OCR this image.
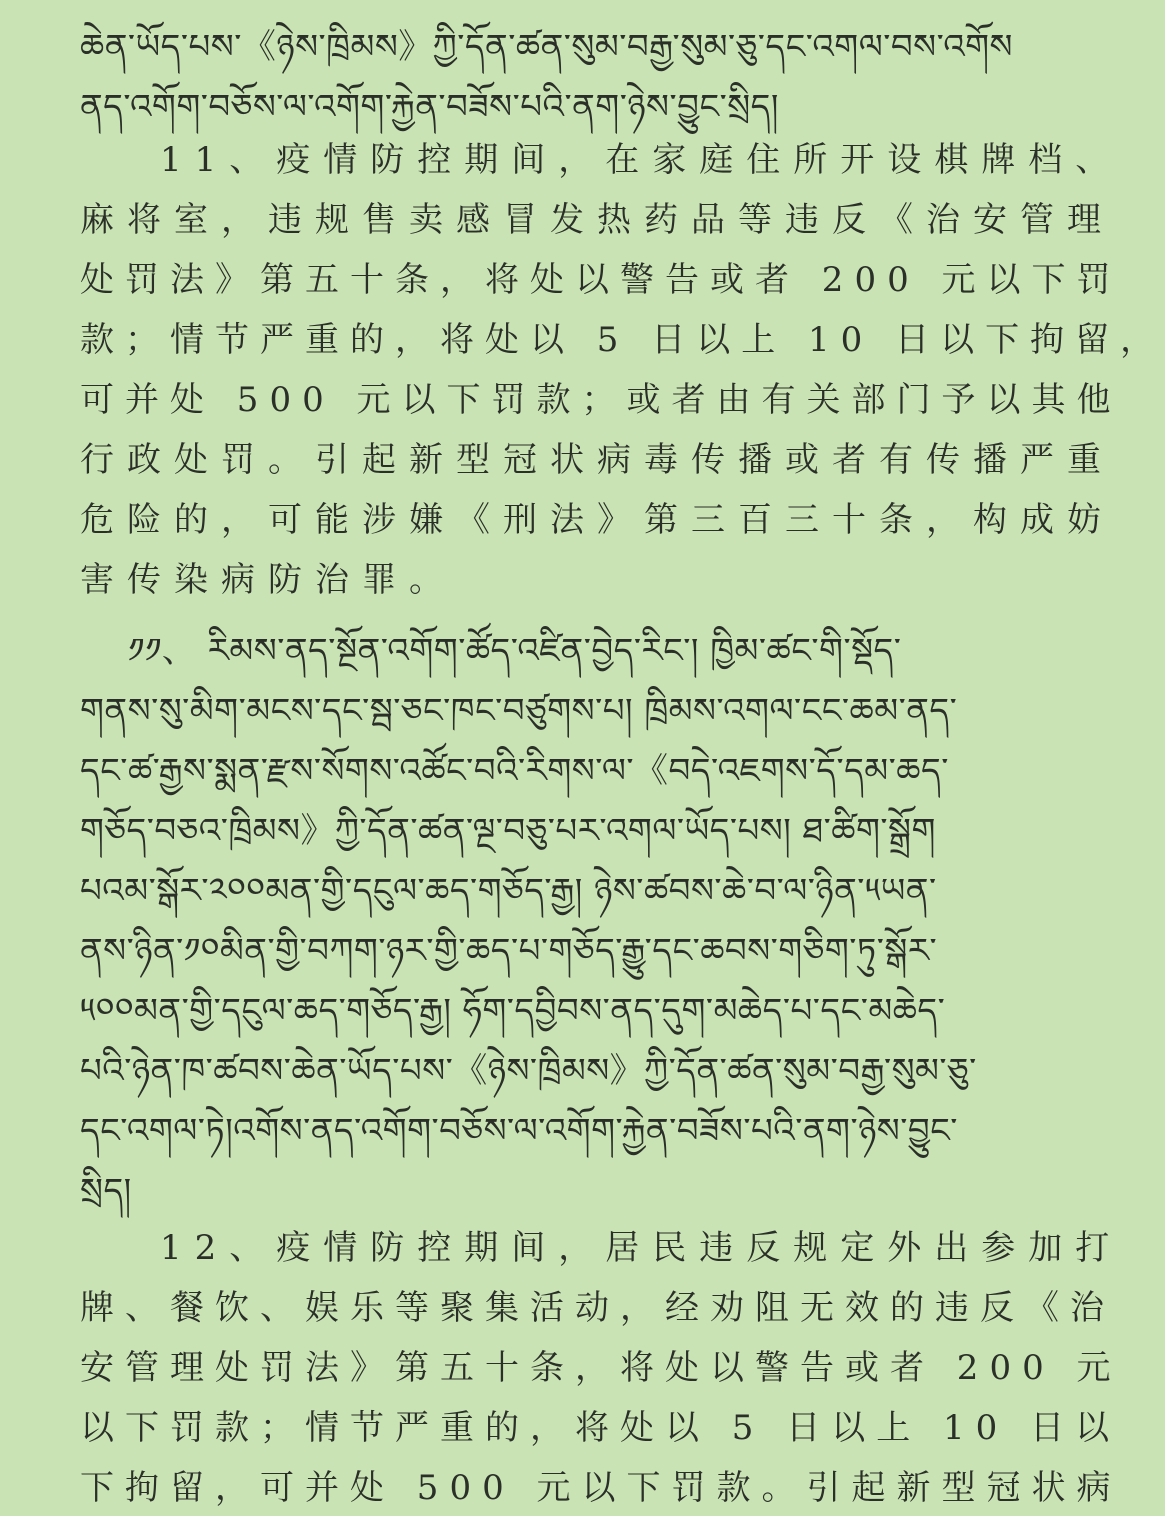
ཆེན་ཡོད་པས་《ཉེས་ཁྲིམས》ཀྱི་དོན་ཚན་སུམ་བརྒྱ་སུམ་ཅུ་དང་འགལ་བས་འགོས
ནད་འགོག་བཅོས་ལ་འགོག་རྐྱེན་བཟོས་པའི་ནག་ཉེས་བྱུང་སྲིད།
11、疫情防控期间，在家庭住所开设棋牌档、
麻将室，违规售卖感冒发热药品等违反《治安管理
处罚法》第五十条，将处以警告或者 200 元以下罚
款；情节严重的，将处以 5 日以上 10 日以下拘留，
可并处 500 元以下罚款；或者由有关部门予以其他
行政处罚。引起新型冠状病毒传播或者有传播严重
危险的，可能涉嫌《刑法》第三百三十条，构成妨
害传染病防治罪。
༡༡、 རིམས་ནད་སྔོན་འགོག་ཚོད་འཛིན་བྱེད་རིང་། ཁྱིམ་ཚང་གི་སྡོད་
གནས་སུ་མིག་མངས་དང་སྦ་ཅང་ཁང་བཙུགས་པ། ཁྲིམས་འགལ་ངང་ཆམ་ནད་
དང་ཚ་རྒྱས་སྨན་རྫས་སོགས་འཚོང་བའི་རིགས་ལ་《བདེ་འཇགས་དོ་དམ་ཆད་
གཅོད་བཅའ་ཁྲིམས》ཀྱི་དོན་ཚན་ལྔ་བཅུ་པར་འགལ་ཡོད་པས། ཐ་ཚིག་སྒྲོག
པའམ་སྒོར་༢༠༠མན་གྱི་དངུལ་ཆད་གཅོད་རྒྱ། ཉེས་ཚབས་ཆེ་བ་ལ་ཉིན་༥ཡན་
ནས་ཉིན་༡༠མིན་གྱི་བཀག་ཉར་གྱི་ཆད་པ་གཅོད་རྒྱུ་དང་ཆབས་གཅིག་ཏུ་སྒོར་
༥༠༠མན་གྱི་དངུལ་ཆད་གཅོད་རྒྱ། ཧོག་དབྱིབས་ནད་དུག་མཆེད་པ་དང་མཆེད་
པའི་ཉེན་ཁ་ཚབས་ཆེན་ཡོད་པས་《ཉེས་ཁྲིམས》ཀྱི་དོན་ཚན་སུམ་བརྒྱ་སུམ་ཅུ་
དང་འགལ་ཏེ།འགོས་ནད་འགོག་བཅོས་ལ་འགོག་རྐྱེན་བཟོས་པའི་ནག་ཉེས་བྱུང་
སྲིད།
12、疫情防控期间，居民违反规定外出参加打
牌、餐饮、娱乐等聚集活动，经劝阻无效的违反《治
安管理处罚法》第五十条，将处以警告或者 200 元
以下罚款；情节严重的，将处以 5 日以上 10 日以
下拘留，可并处 500 元以下罚款。引起新型冠状病
